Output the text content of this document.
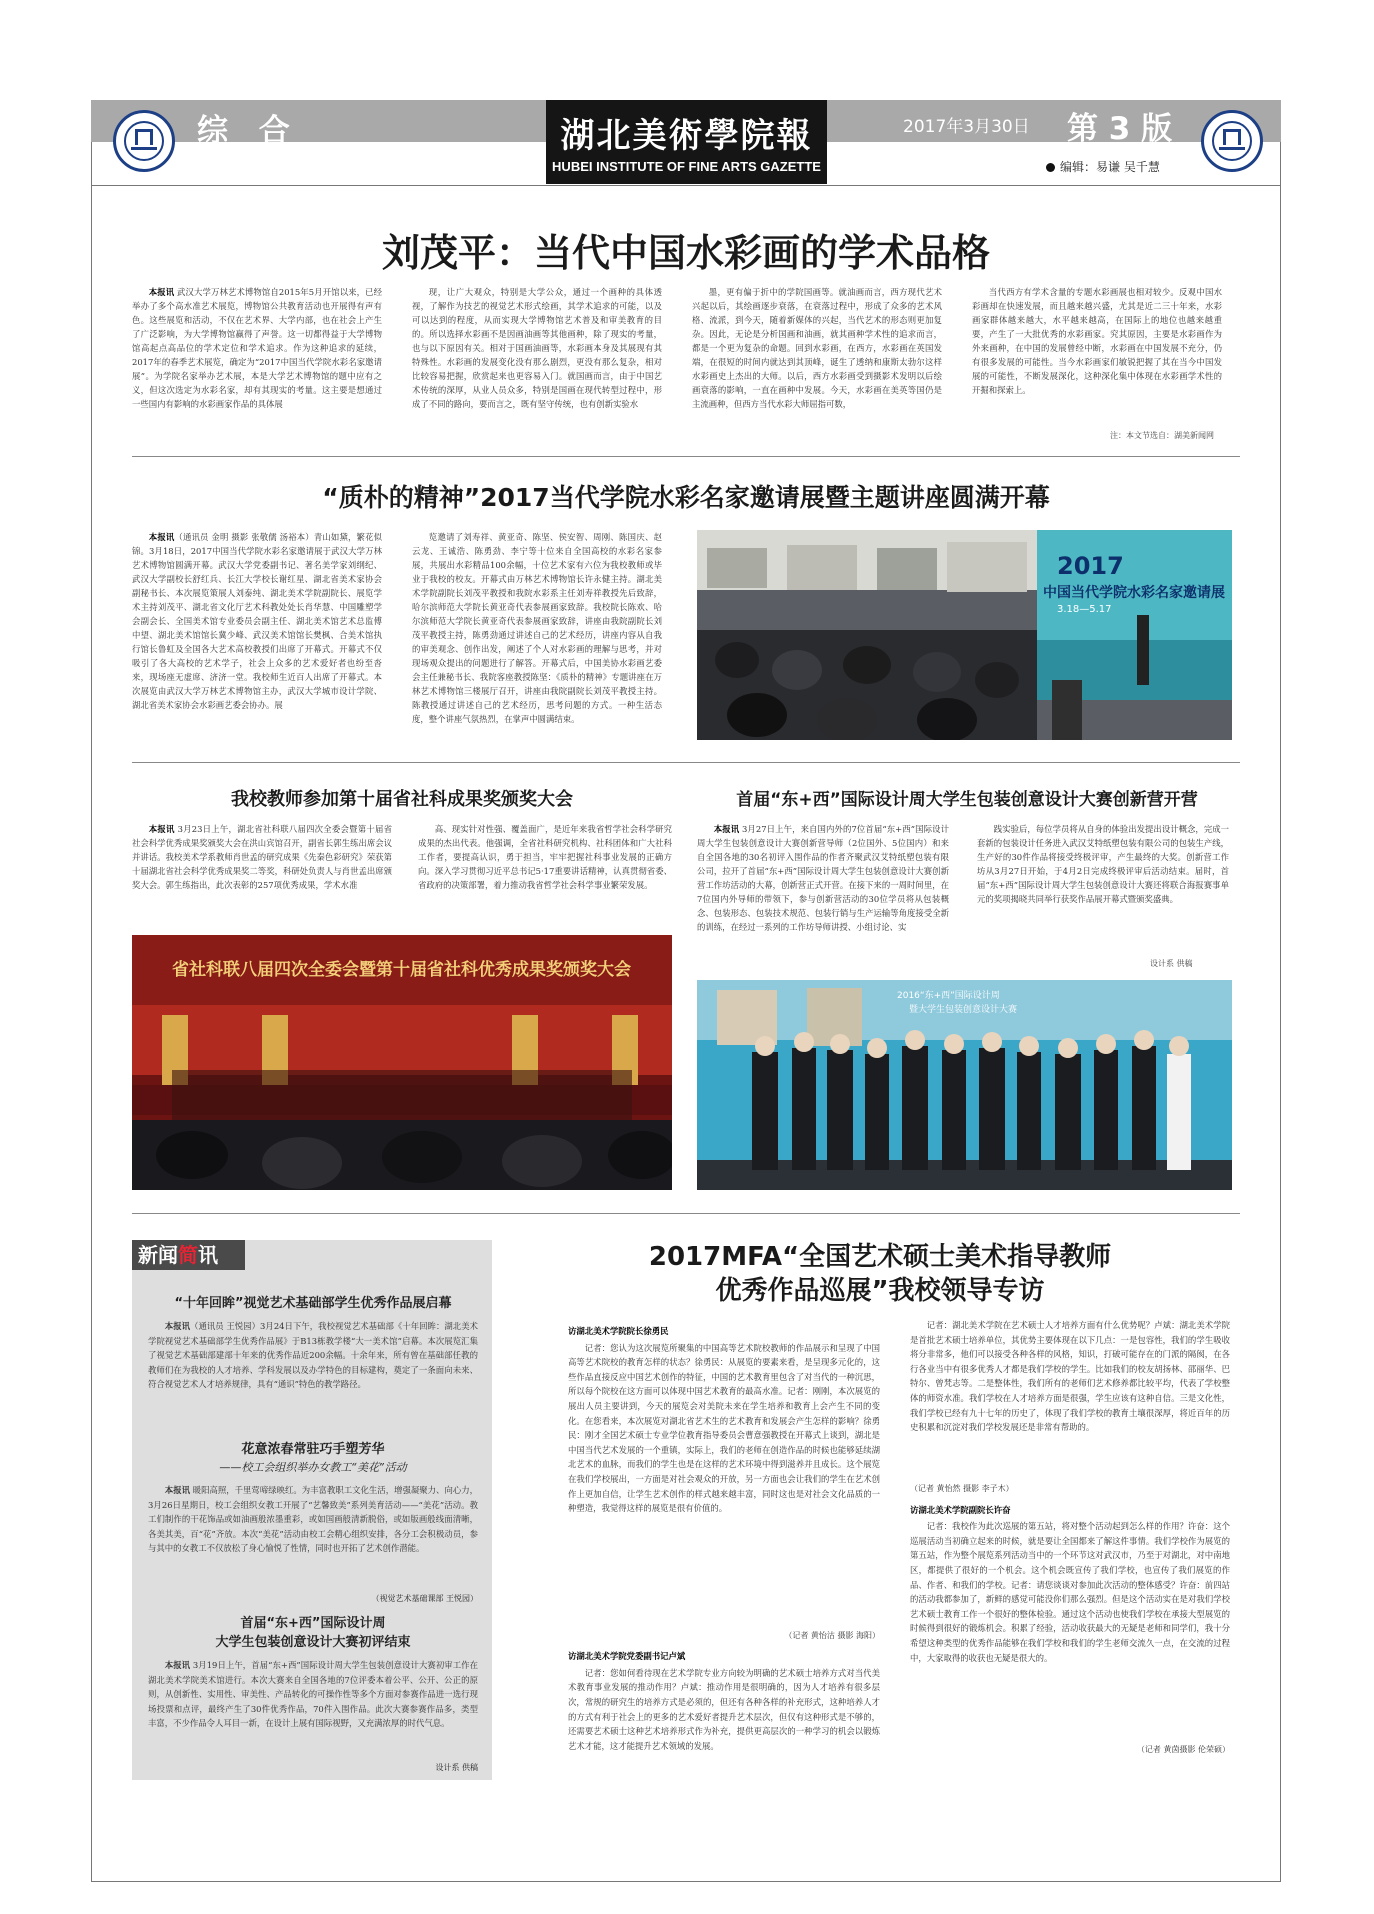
综 合	湖北美術學院報
HUBEI INSTITUTE OF FINE ARTS GAZETTE
2017年3月30日 第 3 版
编辑：易谦 吴千慧
刘茂平：当代中国水彩画的学术品格

本报讯 武汉大学万林艺术博物馆自2015年5月开馆以来，已经举办了多个高水准艺术展览，博物馆公共教育活动也开展得有声有色。这些展览和活动，不仅在艺术界、大学内部，也在社会上产生了广泛影响，为大学博物馆赢得了声誉。这一切都得益于大学博物馆高起点高品位的学术定位和学术追求。作为这种追求的延续，2017年的春季艺术展览，确定为“2017中国当代学院水彩名家邀请展”。为学院名家举办艺术展，本是大学艺术博物馆的题中应有之义，但这次选定为水彩名家，却有其现实的考量。这主要是想通过一些国内有影响的水彩画家作品的具体展

现，让广大观众，特别是大学公众，通过一个画种的具体透视，了解作为技艺的视觉艺术形式绘画，其学术追求的可能，以及可以达到的程度，从而实现大学博物馆艺术普及和审美教育的目的。所以选择水彩画不是因画油画等其他画种，除了现实的考量，也与以下原因有关。相对于国画油画等，水彩画本身及其展现有其特殊性。水彩画的发展变化没有那么剧烈，更没有那么复杂，相对比较容易把握，欣赏起来也更容易入门。就国画而言，由于中国艺术传统的深厚，从业人员众多，特别是国画在现代转型过程中，形成了不同的路向，要而言之，既有坚守传统，也有创新实验水

墨，更有偏于折中的学院国画等。就油画而言，西方现代艺术兴起以后，其绘画逐步衰落，在衰落过程中，形成了众多的艺术风格、流派，到今天，随着新媒体的兴起，当代艺术的形态则更加复杂。因此，无论是分析国画和油画，就其画种学术性的追求而言，都是一个更为复杂的命题。回到水彩画，在西方，水彩画在英国发端，在很短的时间内就达到其顶峰，诞生了透纳和康斯太勃尔这样水彩画史上杰出的大师。以后，西方水彩画受到摄影术发明以后绘画衰落的影响，一直在画种中发展。今天，水彩画在美英等国仍是主流画种，但西方当代水彩大师屈指可数，

当代西方有学术含量的专题水彩画展也相对较少。反观中国水彩画却在快速发展，而且越来越兴盛，尤其是近二三十年来，水彩画家群体越来越大，水平越来越高，在国际上的地位也越来越重要，产生了一大批优秀的水彩画家。究其原因，主要是水彩画作为外来画种，在中国的发展曾经中断，水彩画在中国发展不充分，仍有很多发展的可能性。当今水彩画家们敏锐把握了其在当今中国发展的可能性，不断发展深化，这种深化集中体现在水彩画学术性的开掘和探索上。

注：本文节选自：湖美新闻网
“质朴的精神”2017当代学院水彩名家邀请展暨主题讲座圆满开幕

本报讯（通讯员 金明 摄影 张敬儒 汤裕本）青山如黛，繁花似锦。3月18日，2017中国当代学院水彩名家邀请展于武汉大学万林艺术博物馆圆满开幕。武汉大学党委副书记、著名美学家刘纲纪、武汉大学副校长舒红兵、长江大学校长谢红星、湖北省美术家协会副秘书长、本次展览策展人刘泰纯、湖北美术学院副院长、展览学术主持刘茂平、湖北省文化厅艺术科教处处长肖华慧、中国雕塑学会副会长、全国美术馆专业委员会副主任、湖北美术馆艺术总监傅中望、湖北美术馆馆长冀少峰、武汉美术馆馆长樊枫、合美术馆执行馆长鲁虹及全国各大艺术高校教授们出席了开幕式。开幕式不仅吸引了各大高校的艺术学子，社会上众多的艺术爱好者也纷至沓来，现场座无虚席、济济一堂。我校师生近百人出席了开幕式。本次展览由武汉大学万林艺术博物馆主办，武汉大学城市设计学院、湖北省美术家协会水彩画艺委会协办。展

览邀请了刘寿祥、黄亚奇、陈坚、侯安智、周刚、陈国庆、赵云龙、王诚浩、陈勇劲、李宁等十位来自全国高校的水彩名家参展，共展出水彩精品100余幅，十位艺术家有六位为我校教师或毕业于我校的校友。开幕式由万林艺术博物馆长许永健主持。湖北美术学院副院长刘茂平教授和我院水彩系主任刘寿祥教授先后致辞，哈尔滨师范大学院长黄亚奇代表参展画家致辞。我校院长陈欢、哈尔滨师范大学院长黄亚奇代表参展画家致辞，讲座由我院副院长刘茂平教授主持，陈勇劲通过讲述自己的艺术经历，讲座内容从自我的审美观念、创作出发，阐述了个人对水彩画的理解与思考，并对现场观众提出的问题进行了解答。开幕式后，中国美协水彩画艺委会主任兼秘书长、我院客座教授陈坚：《质朴的精神》专题讲座在万林艺术博物馆三楼展厅召开，讲座由我院副院长刘茂平教授主持。陈教授通过讲述自己的艺术经历，思考问题的方式。一种生活态度，整个讲座气氛热烈，在掌声中圆满结束。

2017
中国当代学院水彩名家邀请展
3.18—5.17
我校教师参加第十届省社科成果奖颁奖大会

本报讯 3月23日上午，湖北省社科联八届四次全委会暨第十届省社会科学优秀成果奖颁奖大会在洪山宾馆召开，副省长郭生练出席会议并讲话。我校美术学系教师肖世孟的研究成果《先秦色彩研究》荣获第十届湖北省社会科学优秀成果奖二等奖，科研处负责人与肖世孟出席颁奖大会。郭生练指出，此次表彰的257项优秀成果，学术水准

高、现实针对性强、覆盖面广，是近年来我省哲学社会科学研究成果的杰出代表。他强调，全省社科研究机构、社科团体和广大社科工作者，要提高认识，勇于担当，牢牢把握社科事业发展的正确方向。深入学习贯彻习近平总书记5·17重要讲话精神，认真贯彻省委、省政府的决策部署，着力推动我省哲学社会科学事业繁荣发展。

省社科联八届四次全委会暨第十届省社科优秀成果奖颁奖大会
首届“东+西”国际设计周大学生包装创意设计大赛创新营开营

本报讯 3月27日上午，来自国内外的7位首届“东+西”国际设计周大学生包装创意设计大赛创新营导师（2位国外、5位国内）和来自全国各地的30名初评入围作品的作者齐聚武汉艾特纸塑包装有限公司，拉开了首届“东+西”国际设计周大学生包装创意设计大赛创新营工作坊活动的大幕，创新营正式开营。在接下来的一周时间里，在7位国内外导师的带领下，参与创新营活动的30位学员将从包装概念、包装形态、包装技术规范、包装行销与生产运输等角度接受全新的训练，在经过一系列的工作坊导师讲授、小组讨论、实

践实验后，每位学员将从自身的体验出发提出设计概念，完成一套新的包装设计任务进入武汉艾特纸塑包装有限公司的包装生产线，生产好的30件作品将接受终极评审，产生最终的大奖。创新营工作坊从3月27日开始，于4月2日完成终极评审后活动结束。届时，首届“东+西”国际设计周大学生包装创意设计大赛还将联合海报赛事单元的奖项揭晓共同举行获奖作品展开幕式暨颁奖盛典。

设计系 供稿
2016“东+西”国际设计周
暨大学生包装创意设计大赛
新闻简讯

“十年回眸”视觉艺术基础部学生优秀作品展启幕

本报讯（通讯员 王悦园）3月24日下午，我校视觉艺术基础部《十年回眸：湖北美术学院视觉艺术基础部学生优秀作品展》于B13栋教学楼“大一美术馆”启幕。本次展览汇集了视觉艺术基础部建部十年来的优秀作品近200余幅。十余年来，所有曾在基础部任教的教师们在为我校的人才培养、学科发展以及办学特色的目标建构，奠定了一条面向未来、符合视觉艺术人才培养规律，具有“通识”特色的教学路径。

花意浓春常驻巧手塑芳华

——校工会组织举办女教工“美花”活动

本报讯 暖阳高照，千里莺啼绿映红。为丰富教职工文化生活，增强凝聚力、向心力，3月26日星期日，校工会组织女教工开展了“艺馨致美”系列美育活动——“美花”活动。教工们制作的干花饰品或如油画般浓墨重彩，或如国画般清新脱俗，或如版画般线面清晰，各美其美，百“花”齐放。本次“美花”活动由校工会精心组织安排，各分工会积极动员，参与其中的女教工不仅放松了身心愉悦了性情，同时也开拓了艺术创作潜能。

（视觉艺术基础课部 王悦园）

首届“东+西”国际设计周

大学生包装创意设计大赛初评结束

本报讯 3月19日上午，首届“东+西”国际设计周大学生包装创意设计大赛初审工作在湖北美术学院美术馆进行。本次大赛来自全国各地的7位评委本着公平、公开、公正的原则，从创新性、实用性、审美性、产品转化的可操作性等多个方面对参赛作品进一选行现场投票和点评，最终产生了30件优秀作品，70件入围作品。此次大赛参赛作品多，类型丰富，不少作品令人耳目一新，在设计上展有国际视野，又充满浓厚的时代气息。

设计系 供稿
2017MFA“全国艺术硕士美术指导教师
优秀作品巡展”我校领导专访

访湖北美术学院院长徐勇民

记者：您认为这次展览所聚集的中国高等艺术院校教师的作品展示和呈现了中国高等艺术院校的教育怎样的状态？徐勇民：从展览的要素来看，是呈现多元化的，这些作品直接反应中国艺术创作的特征，中国的艺术教育里包含了对当代的一种沉思，所以每个院校在这方面可以体现中国艺术教育的最高水准。记者：刚刚，本次展览的展出人员主要讲到，今天的展览会对美院未来在学生培养和教育上会产生不同的变化。在您看来，本次展览对湖北省艺术生的艺术教育和发展会产生怎样的影响？徐勇民：刚才全国艺术硕士专业学位教育指导委员会曹意强教授在开幕式上谈到，湖北是中国当代艺术发展的一个重镇，实际上，我们的老师在创造作品的时候也能够延续湖北艺术的血脉，而我们的学生也是在这样的艺术环境中得到滋养并且成长。这个展览在我们学校展出，一方面是对社会观众的开放，另一方面也会让我们的学生在艺术创作上更加自信，让学生艺术创作的样式越来越丰富，同时这也是对社会文化品质的一种塑造，我觉得这样的展览是很有价值的。

（记者 黄怡沽 摄影 海阳）

访湖北美术学院党委副书记卢斌

记者：您如何看待现在艺术学院专业方向较为明确的艺术硕士培养方式对当代美术教育事业发展的推动作用？卢斌：推动作用是很明确的，因为人才培养有很多层次，常规的研究生的培养方式是必须的，但还有各种各样的补充形式，这种培养人才的方式有利于社会上的更多的艺术爱好者提升艺术层次，但仅有这种形式是不够的，还需要艺术硕士这种艺术培养形式作为补充，提供更高层次的一种学习的机会以锻炼艺术才能，这才能提升艺术领域的发展。

记者：湖北美术学院在艺术硕士人才培养方面有什么优势呢？卢斌：湖北美术学院是首批艺术硕士培养单位，其优势主要体现在以下几点：一是包容性，我们的学生吸收将分非常多，他们可以接受各种各样的风格，知识，打破可能存在的门派的隔阂，在各行各业当中有很多优秀人才都是我们学校的学生。比如我们的校友胡扬林、邵丽华、巴特尔、曾梵志等。二是整体性，我们所有的老师们艺术修养都比较平均，代表了学校整体的师资水准。我们学校在人才培养方面是很强，学生应该有这种自信。三是文化性，我们学校已经有九十七年的历史了，体现了我们学校的教育土壤很深厚，将近百年的历史积累和沉淀对我们学校发展还是非常有帮助的。

（记者 黄怡然 摄影 李子木）

访湖北美术学院副院长许奋

记者：我校作为此次巡展的第五站，将对整个活动起到怎么样的作用？许奋：这个巡展活动当初确立起来的时候，就是要让全国都来了解这件事情。我们学校作为展览的第五站，作为整个展览系列活动当中的一个环节这对武汉市，乃至于对湖北，对中南地区，都提供了很好的一个机会。这个机会既宣传了我们学校，也宣传了我们展览的作品、作者、和我们的学校。记者：请您谈谈对参加此次活动的整体感受？许奋：前四站的活动我都参加了，新鲜的感觉可能没你们那么强烈。但是这个活动实在是对我们学校艺术硕士教育工作一个很好的整体检验。通过这个活动也使我们学校在承接大型展览的时候得到很好的锻炼机会。积累了经验，活动收获最大的无疑是老师和同学们，我十分希望这种类型的优秀作品能够在我们学校和我们的学生老师交流久一点，在交流的过程中，大家取得的收获也无疑是很大的。

（记者 黄茵摄影 伦荣硕）
